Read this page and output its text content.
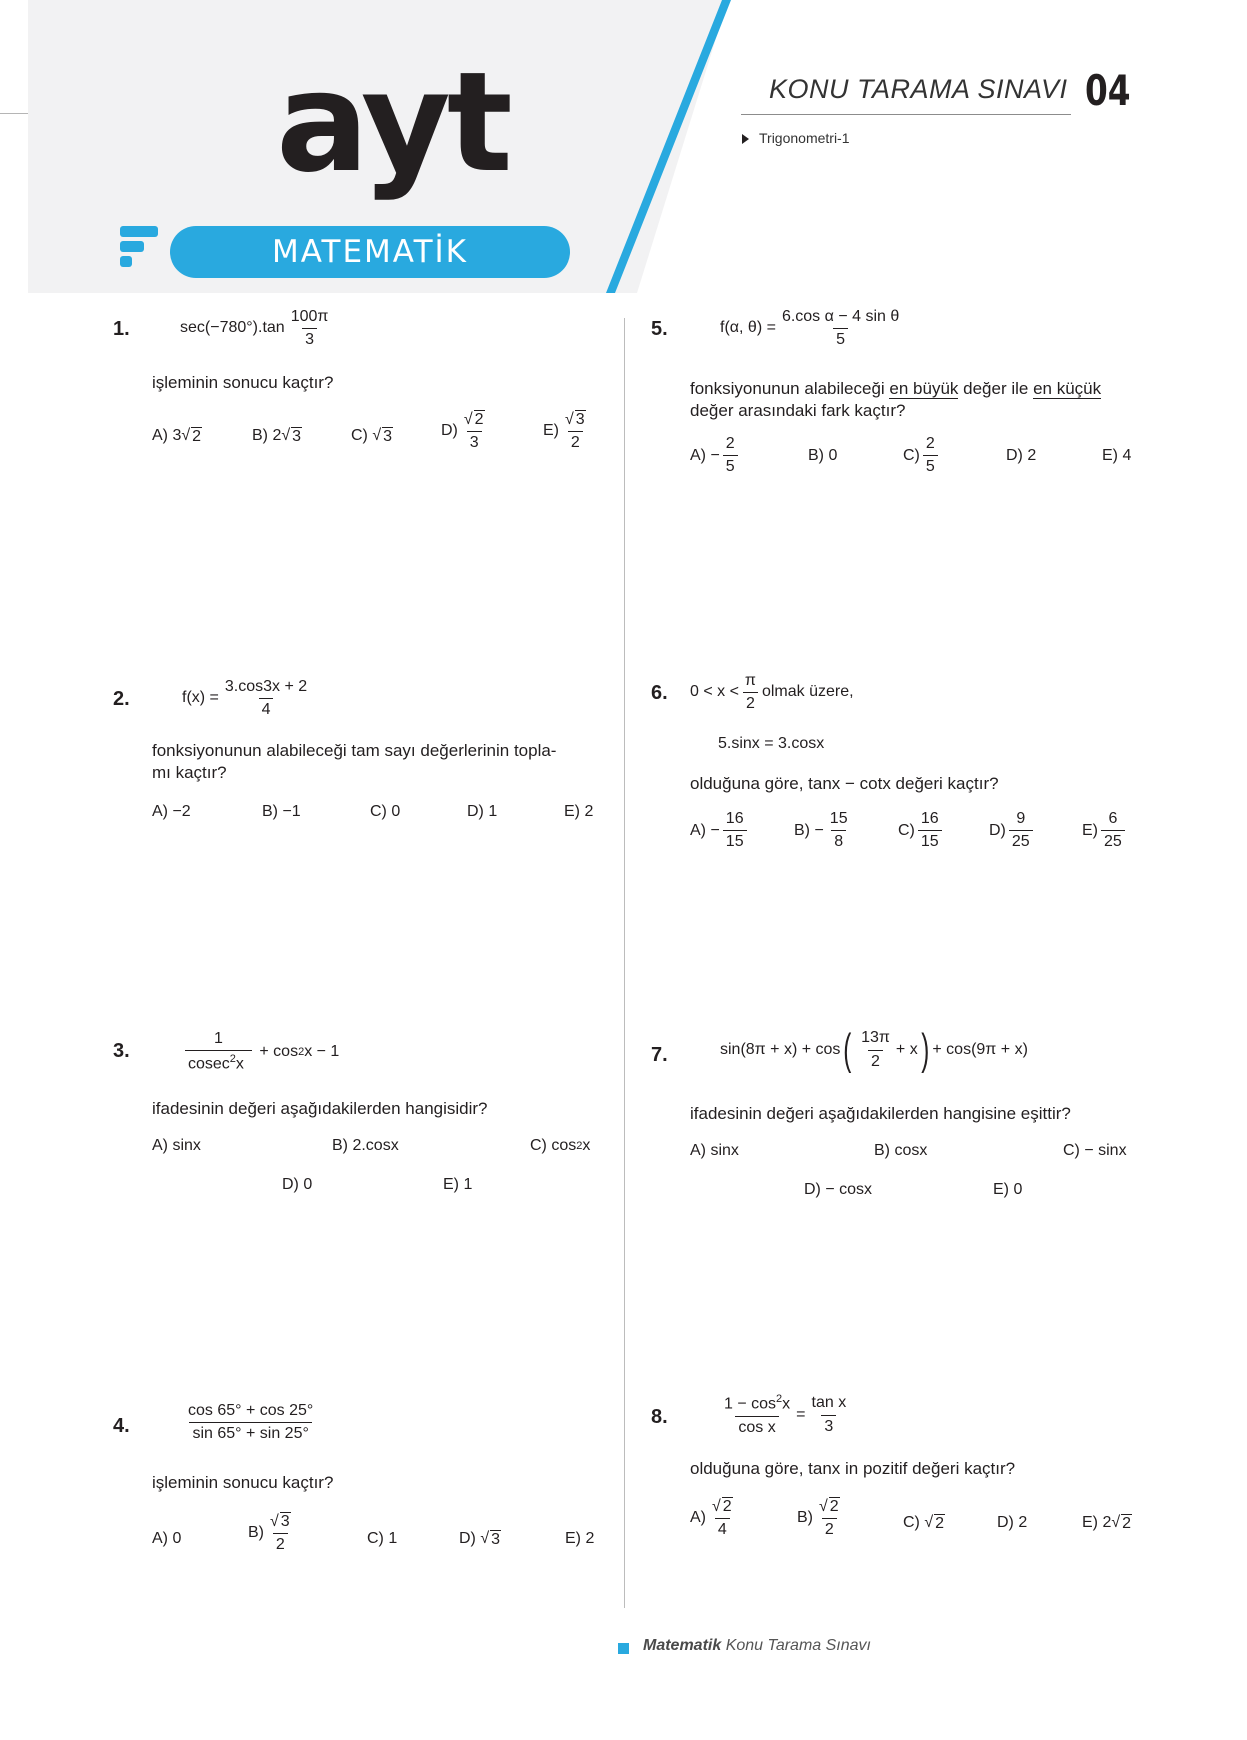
ayt
MATEMATİK
KONU TARAMA SINAVI 04
Trigonometri-1
1.	$\sec(-780^\circ).\tan \frac{100\pi}{3}$
işleminin sonucu kaçtır?
A)
3 √ 2	B)
2 √ 3	C) √ 3	$D) \frac{√ 2}{3}$	$E) \frac{√ 3}{2}$
2.	$f(x) = \frac{3.\cos 3x + 2}{4}$
fonksiyonunun alabileceği tam sayı değerlerinin topla-
mı kaçtır?
A) −2	B) −1	C) 0	D) 1	E) 2
3.	$\frac{1}{cosec^2x}$
+ cos 2 x − 1
ifadesinin değeri aşağıdakilerden hangisidir?
A) sinx	B) 2.cosx	C) cos 2 x
D) 0	E) 1
4.	$\frac{\cos 65^\circ + \cos 25^\circ}{\sin 65^\circ + \sin 25^\circ}$
işleminin sonucu kaçtır?
A) 0	$B) \frac{√ 3}{2}$	C) 1	D) √ 3	E) 2
5.	f(α, $\theta) = \frac{\text{6.cos α − 4 sin θ}}{5}$
fonksiyonunun alabileceği en büyük değer ile en küçük
değer arasındaki fark kaçtır?
$A) - \frac{2}{5}$	B) 0	$C) \frac{2}{5}$	D) 2	E) 4
6. $0 < x < \frac{\pi}{2}$ olmak üzere,
5.sinx = 3.cosx
olduğuna göre, tanx − cotx değeri kaçtır?
$A) - \frac{16}{15}$	$B) - \frac{15}{8}$	$C) \frac{16}{15}$	$D) \frac{9}{25}$	$E) \frac{6}{25}$
7.	sin(8π + x) + cos ( $\frac{13\pi}{2} + x$ ) + cos(9π + x)
ifadesinin değeri aşağıdakilerden hangisine eşittir?
A) sinx	B) cosx	C) − sinx
D) − cosx	E) 0
8.	$\frac{1 - \cos^2x}{\text{cos x}} = \frac{\text{tan x}}{3}$
olduğuna göre, tanx in pozitif değeri kaçtır?
$A) \frac{√ 2}{4}$	$B) \frac{√ 2}{2}$	C) √ 2	D) 2	E) 2 √ 2
Matematik Konu Tarama Sınavı
